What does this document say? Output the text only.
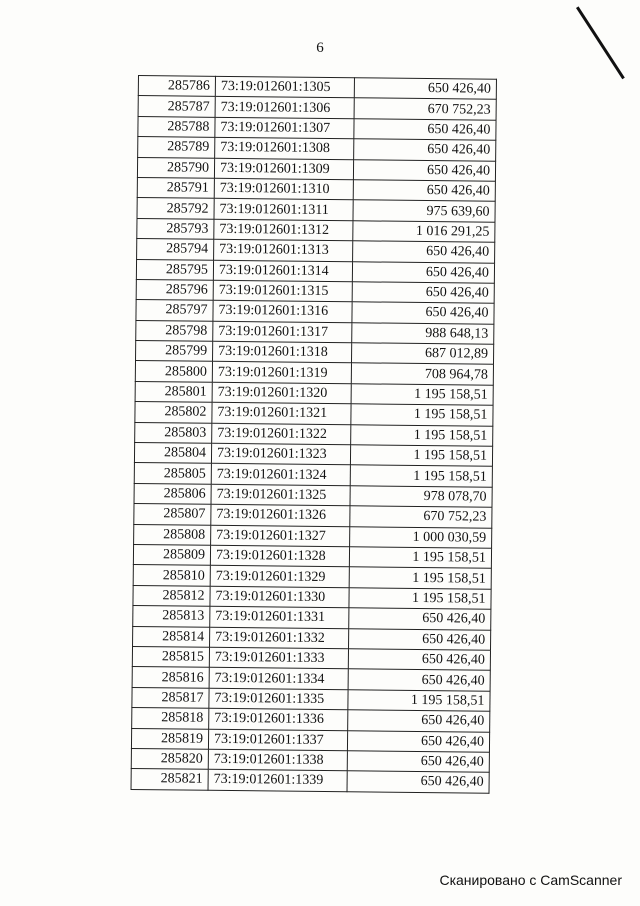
6
285786	73:19:012601:1305	650 426,40
285787	73:19:012601:1306	670 752,23
285788	73:19:012601:1307	650 426,40
285789	73:19:012601:1308	650 426,40
285790	73:19:012601:1309	650 426,40
285791	73:19:012601:1310	650 426,40
285792	73:19:012601:1311	975 639,60
285793	73:19:012601:1312	1 016 291,25
285794	73:19:012601:1313	650 426,40
285795	73:19:012601:1314	650 426,40
285796	73:19:012601:1315	650 426,40
285797	73:19:012601:1316	650 426,40
285798	73:19:012601:1317	988 648,13
285799	73:19:012601:1318	687 012,89
285800	73:19:012601:1319	708 964,78
285801	73:19:012601:1320	1 195 158,51
285802	73:19:012601:1321	1 195 158,51
285803	73:19:012601:1322	1 195 158,51
285804	73:19:012601:1323	1 195 158,51
285805	73:19:012601:1324	1 195 158,51
285806	73:19:012601:1325	978 078,70
285807	73:19:012601:1326	670 752,23
285808	73:19:012601:1327	1 000 030,59
285809	73:19:012601:1328	1 195 158,51
285810	73:19:012601:1329	1 195 158,51
285812	73:19:012601:1330	1 195 158,51
285813	73:19:012601:1331	650 426,40
285814	73:19:012601:1332	650 426,40
285815	73:19:012601:1333	650 426,40
285816	73:19:012601:1334	650 426,40
285817	73:19:012601:1335	1 195 158,51
285818	73:19:012601:1336	650 426,40
285819	73:19:012601:1337	650 426,40
285820	73:19:012601:1338	650 426,40
285821	73:19:012601:1339	650 426,40
Сканировано с CamScanner
